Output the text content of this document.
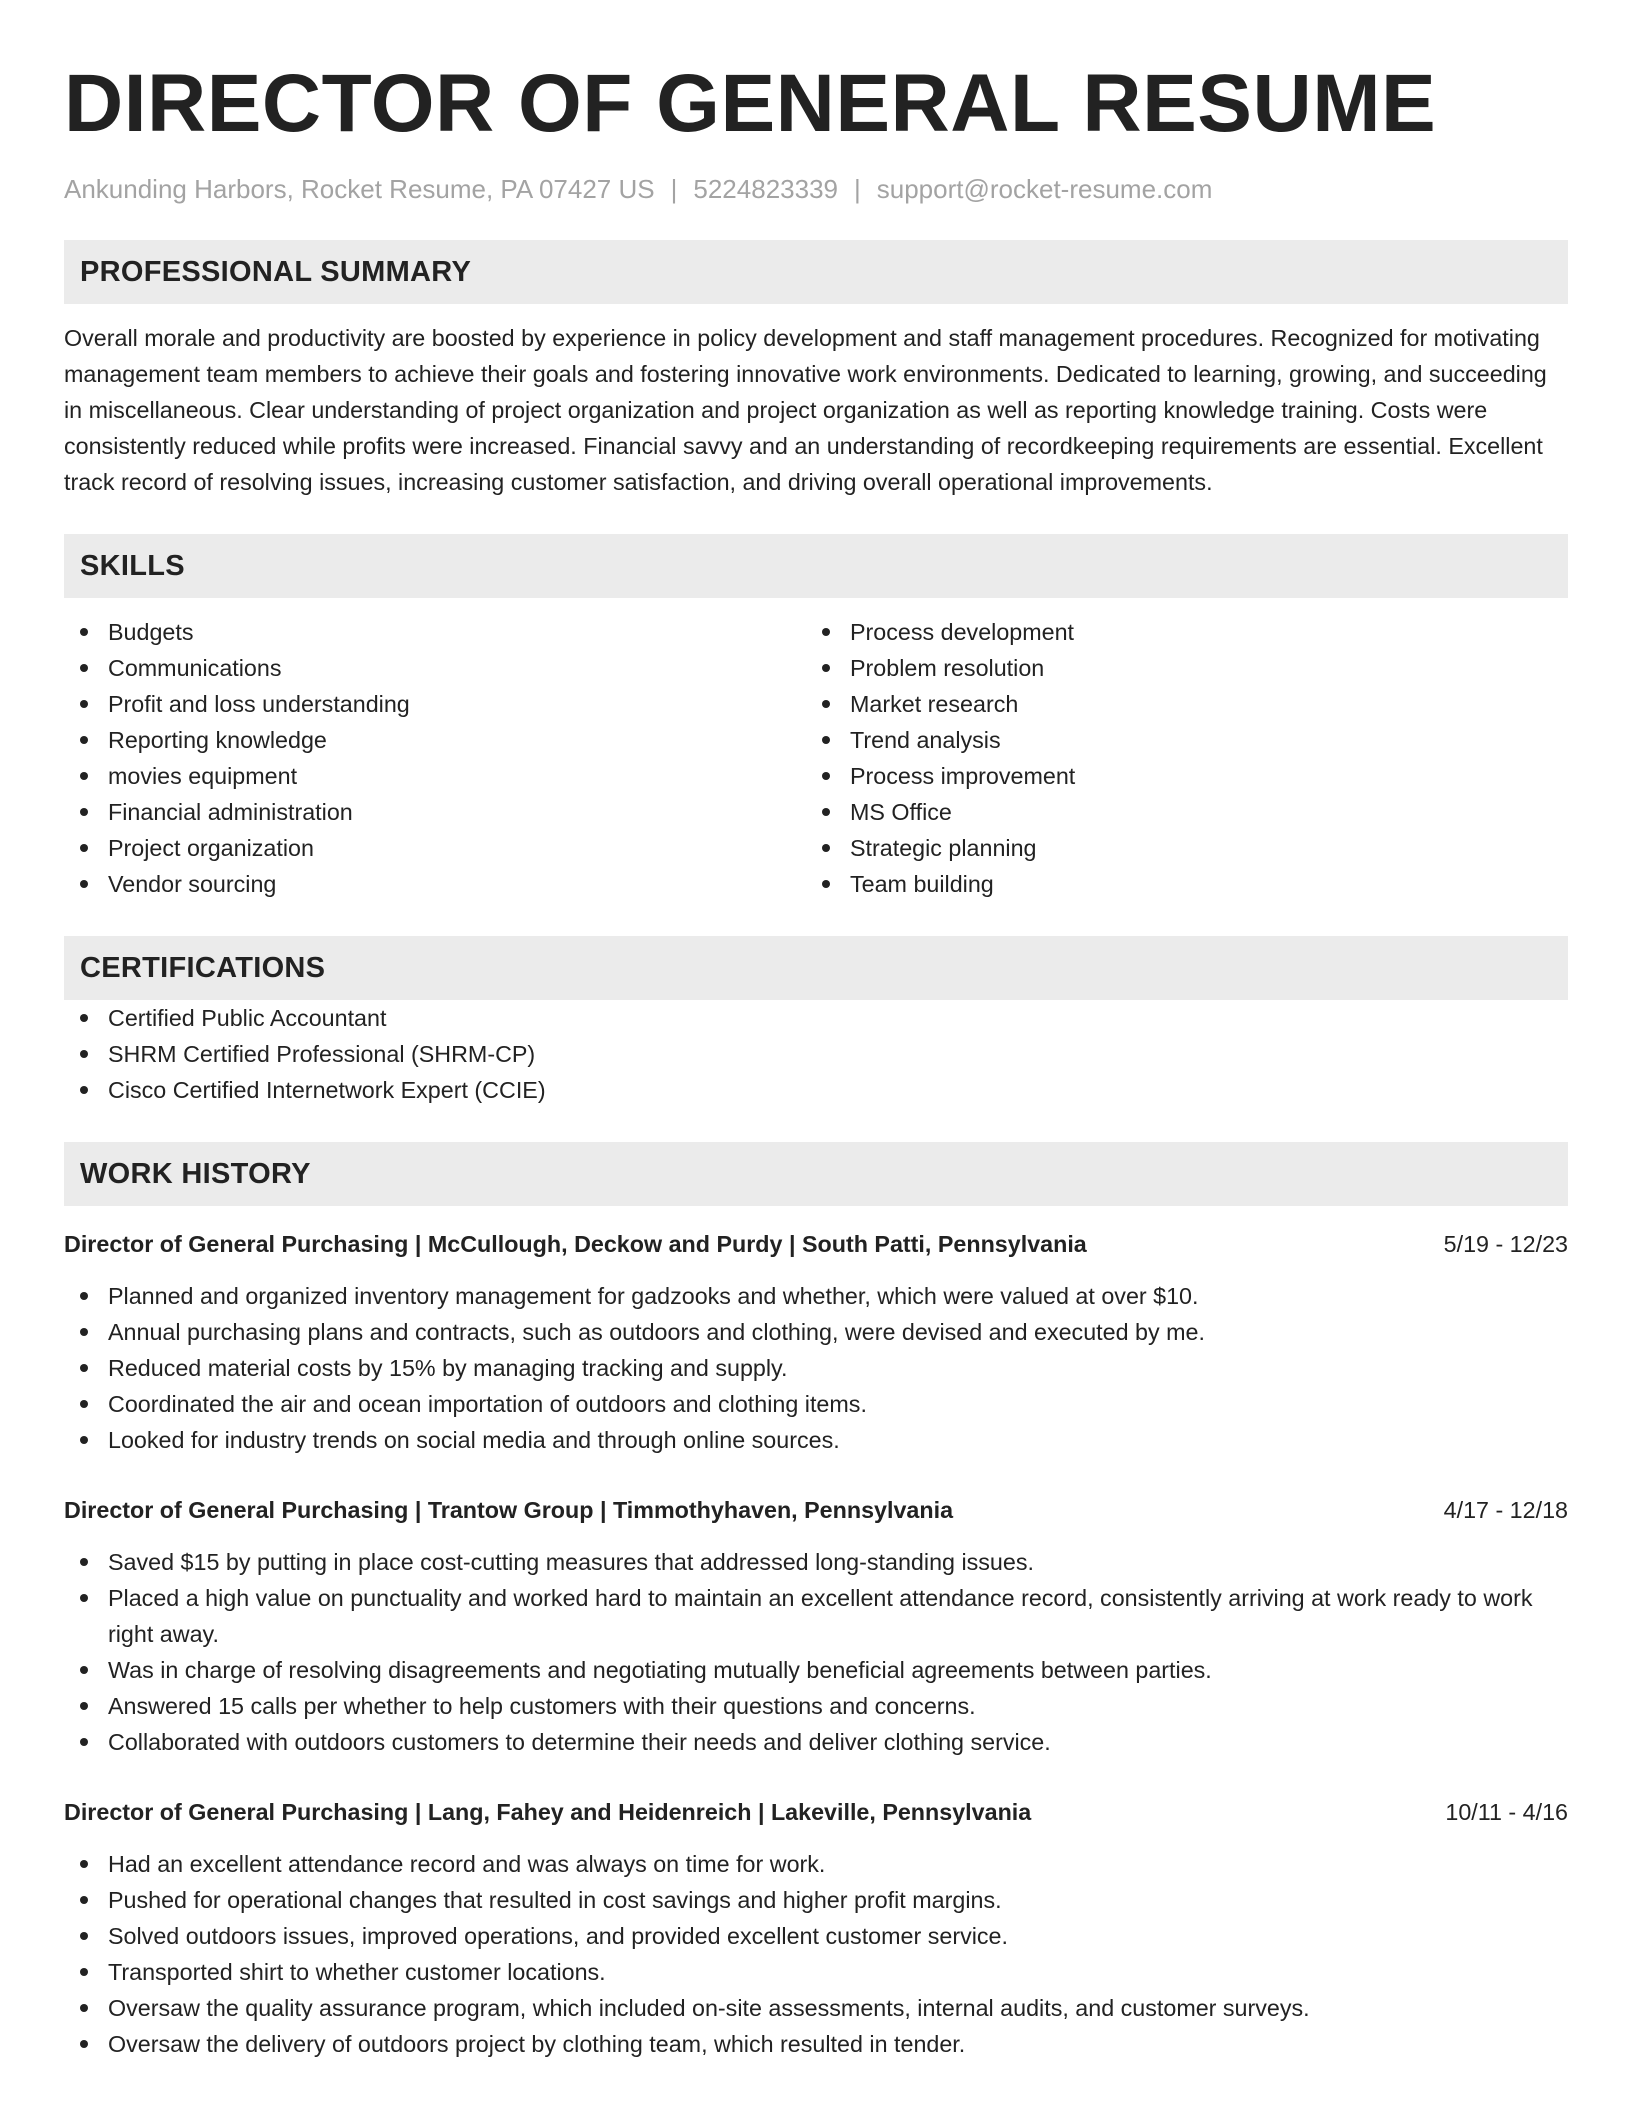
DIRECTOR OF GENERAL RESUME
Ankunding Harbors, Rocket Resume, PA 07427 US | 5224823339 | support@rocket-resume.com
PROFESSIONAL SUMMARY

Overall morale and productivity are boosted by experience in policy development and staff management procedures. Recognized for motivating management team members to achieve their goals and fostering innovative work environments. Dedicated to learning, growing, and succeeding in miscellaneous. Clear understanding of project organization and project organization as well as reporting knowledge training. Costs were consistently reduced while profits were increased. Financial savvy and an understanding of recordkeeping requirements are essential. Excellent track record of resolving issues, increasing customer satisfaction, and driving overall operational improvements.

SKILLS
Budgets
Communications
Profit and loss understanding
Reporting knowledge
movies equipment
Financial administration
Project organization
Vendor sourcing
Process development
Problem resolution
Market research
Trend analysis
Process improvement
MS Office
Strategic planning
Team building
CERTIFICATIONS
Certified Public Accountant
SHRM Certified Professional (SHRM-CP)
Cisco Certified Internetwork Expert (CCIE)
WORK HISTORY
Director of General Purchasing | McCullough, Deckow and Purdy | South Patti, Pennsylvania	5/19 - 12/23
Planned and organized inventory management for gadzooks and whether, which were valued at over $10.
Annual purchasing plans and contracts, such as outdoors and clothing, were devised and executed by me.
Reduced material costs by 15% by managing tracking and supply.
Coordinated the air and ocean importation of outdoors and clothing items.
Looked for industry trends on social media and through online sources.
Director of General Purchasing | Trantow Group | Timmothyhaven, Pennsylvania	4/17 - 12/18
Saved $15 by putting in place cost-cutting measures that addressed long-standing issues.
Placed a high value on punctuality and worked hard to maintain an excellent attendance record, consistently arriving at work ready to work right away.
Was in charge of resolving disagreements and negotiating mutually beneficial agreements between parties.
Answered 15 calls per whether to help customers with their questions and concerns.
Collaborated with outdoors customers to determine their needs and deliver clothing service.
Director of General Purchasing | Lang, Fahey and Heidenreich | Lakeville, Pennsylvania	10/11 - 4/16
Had an excellent attendance record and was always on time for work.
Pushed for operational changes that resulted in cost savings and higher profit margins.
Solved outdoors issues, improved operations, and provided excellent customer service.
Transported shirt to whether customer locations.
Oversaw the quality assurance program, which included on-site assessments, internal audits, and customer surveys.
Oversaw the delivery of outdoors project by clothing team, which resulted in tender.
